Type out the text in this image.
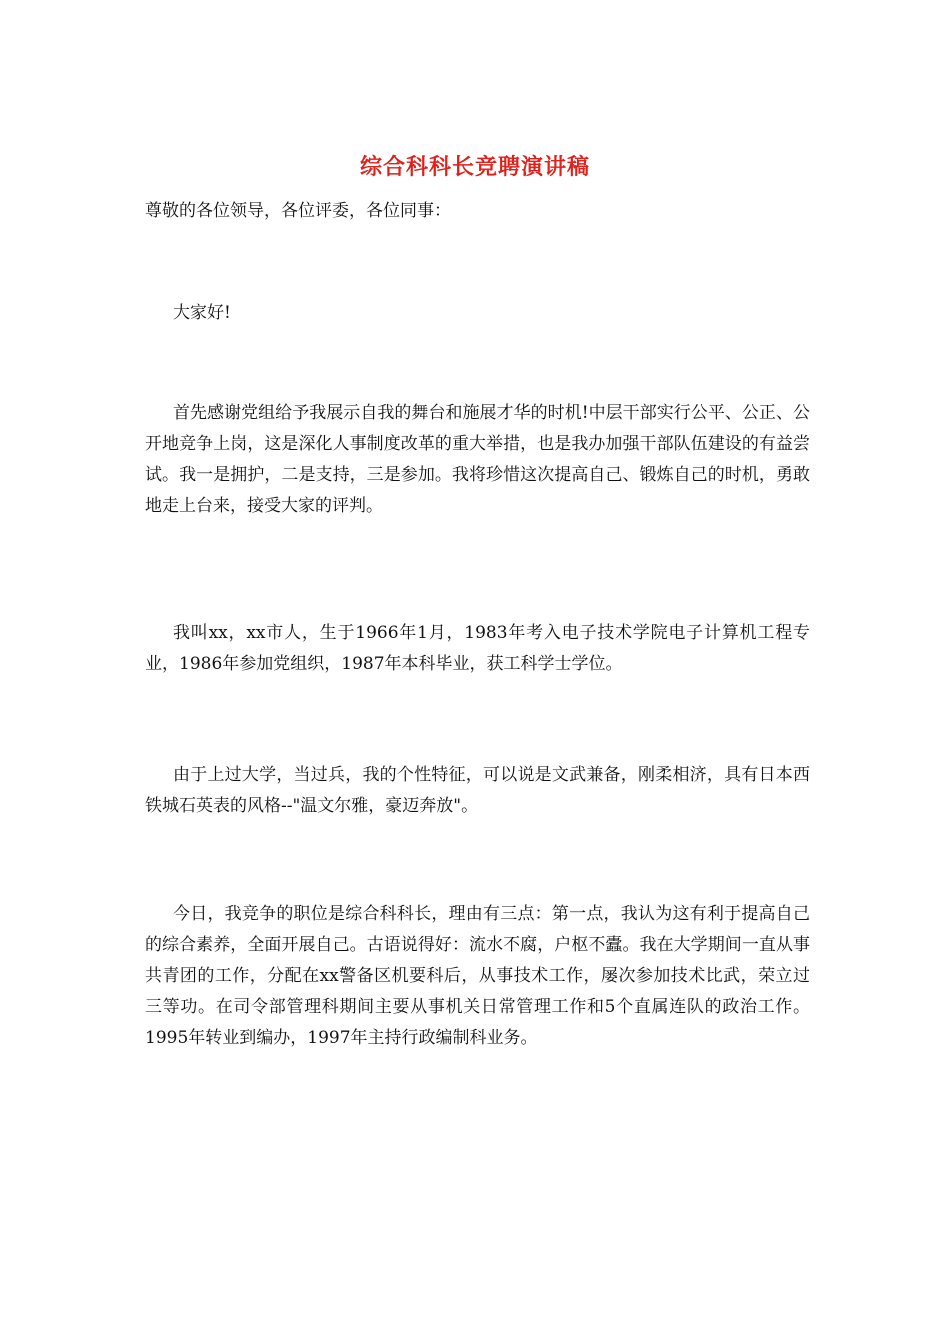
综合科科长竞聘演讲稿
尊敬的各位领导，各位评委，各位同事：

大家好!

首先感谢党组给予我展示自我的舞台和施展才华的时机!中层干部实行公平、公正、公开地竞争上岗，这是深化人事制度改革的重大举措，也是我办加强干部队伍建设的有益尝试。我一是拥护，二是支持，三是参加。我将珍惜这次提高自己、锻炼自己的时机，勇敢地走上台来，接受大家的评判。

我叫xx，xx市人，生于1966年1月，1983年考入电子技术学院电子计算机工程专业，1986年参加党组织，1987年本科毕业，获工科学士学位。

由于上过大学，当过兵，我的个性特征，可以说是文武兼备，刚柔相济，具有日本西铁城石英表的风格--"温文尔雅，豪迈奔放"。

今日，我竞争的职位是综合科科长，理由有三点：第一点，我认为这有利于提高自己的综合素养，全面开展自己。古语说得好：流水不腐，户枢不蠹。我在大学期间一直从事共青团的工作，分配在xx警备区机要科后，从事技术工作，屡次参加技术比武，荣立过三等功。在司令部管理科期间主要从事机关日常管理工作和5个直属连队的政治工作。1995年转业到编办，1997年主持行政编制科业务。
